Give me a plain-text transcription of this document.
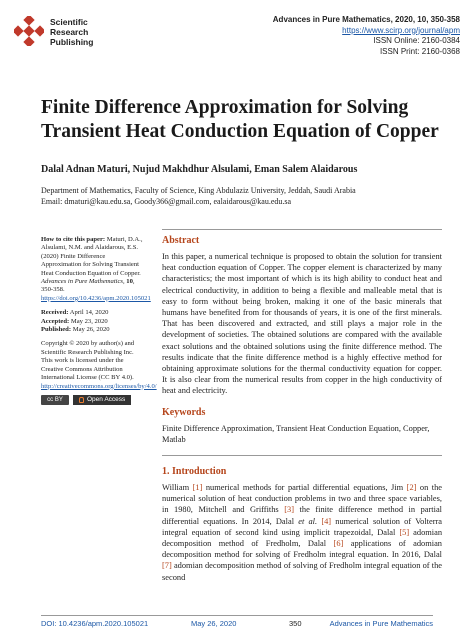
Scientific
Research
Publishing
Advances in Pure Mathematics, 2020, 10, 350-358
https://www.scirp.org/journal/apm
ISSN Online: 2160-0384
ISSN Print: 2160-0368
Finite Difference Approximation for Solving
Transient Heat Conduction Equation of Copper
Dalal Adnan Maturi, Nujud Makhdhur Alsulami, Eman Salem Alaidarous
Department of Mathematics, Faculty of Science, King Abdulaziz University, Jeddah, Saudi Arabia
Email: dmaturi@kau.edu.sa, Goody366@gmail.com, ealaidarous@kau.edu.sa

How to cite this paper: Maturi, D.A., Alsulami, N.M. and Alaidarous, E.S. (2020) Finite Difference Approximation for Solving Transient Heat Conduction Equation of Copper. Advances in Pure Mathematics, 10, 350-358. https://doi.org/10.4236/apm.2020.105021

Received: April 14, 2020
Accepted: May 23, 2020
Published: May 26, 2020

Copyright © 2020 by author(s) and Scientific Research Publishing Inc. This work is licensed under the Creative Commons Attribution International License (CC BY 4.0).
http://creativecommons.org/licenses/by/4.0/

cc BY	Open Access
Abstract

In this paper, a numerical technique is proposed to obtain the solution for transient heat conduction equation of Copper. The copper element is characterized by many characteristics; the most important of which is its high ability to conduct heat and electrical conductivity, in addition to being a flexible and malleable metal that is easy to form without being broken, making it one of the basic minerals that humans have benefited from for thousands of years, it is one of the first minerals. That has been discovered and extracted, and still plays a major role in the development of societies. The obtained solutions are compared with the available exact solutions and the obtained solutions using the finite difference method. The results indicate that the finite difference method is a highly effective method for obtaining approximate solutions for the thermal conductivity equation for copper. It is also clear from the numerical results from copper in the high conductivity of heat and electricity.

Keywords

Finite Difference Approximation, Transient Heat Conduction Equation, Copper, Matlab

1. Introduction

William [1] numerical methods for partial differential equations, Jim [2] on the numerical solution of heat conduction problems in two and three space variables, in 1980, Mitchell and Griffiths [3] the finite difference method in partial differential equations. In 2014, Dalal et al. [4] numerical solution of Volterra integral equation of second kind using implicit trapezoidal, Dalal [5] adomian decomposition method of Fredholm, Dalal [6] applications of adomian decomposition method for solving of Fredholm integral equation. In 2016, Dalal [7] adomian decomposition method of solving of Fredholm integral equation of the second

DOI: 10.4236/apm.2020.105021	May 26, 2020	350	Advances in Pure Mathematics
